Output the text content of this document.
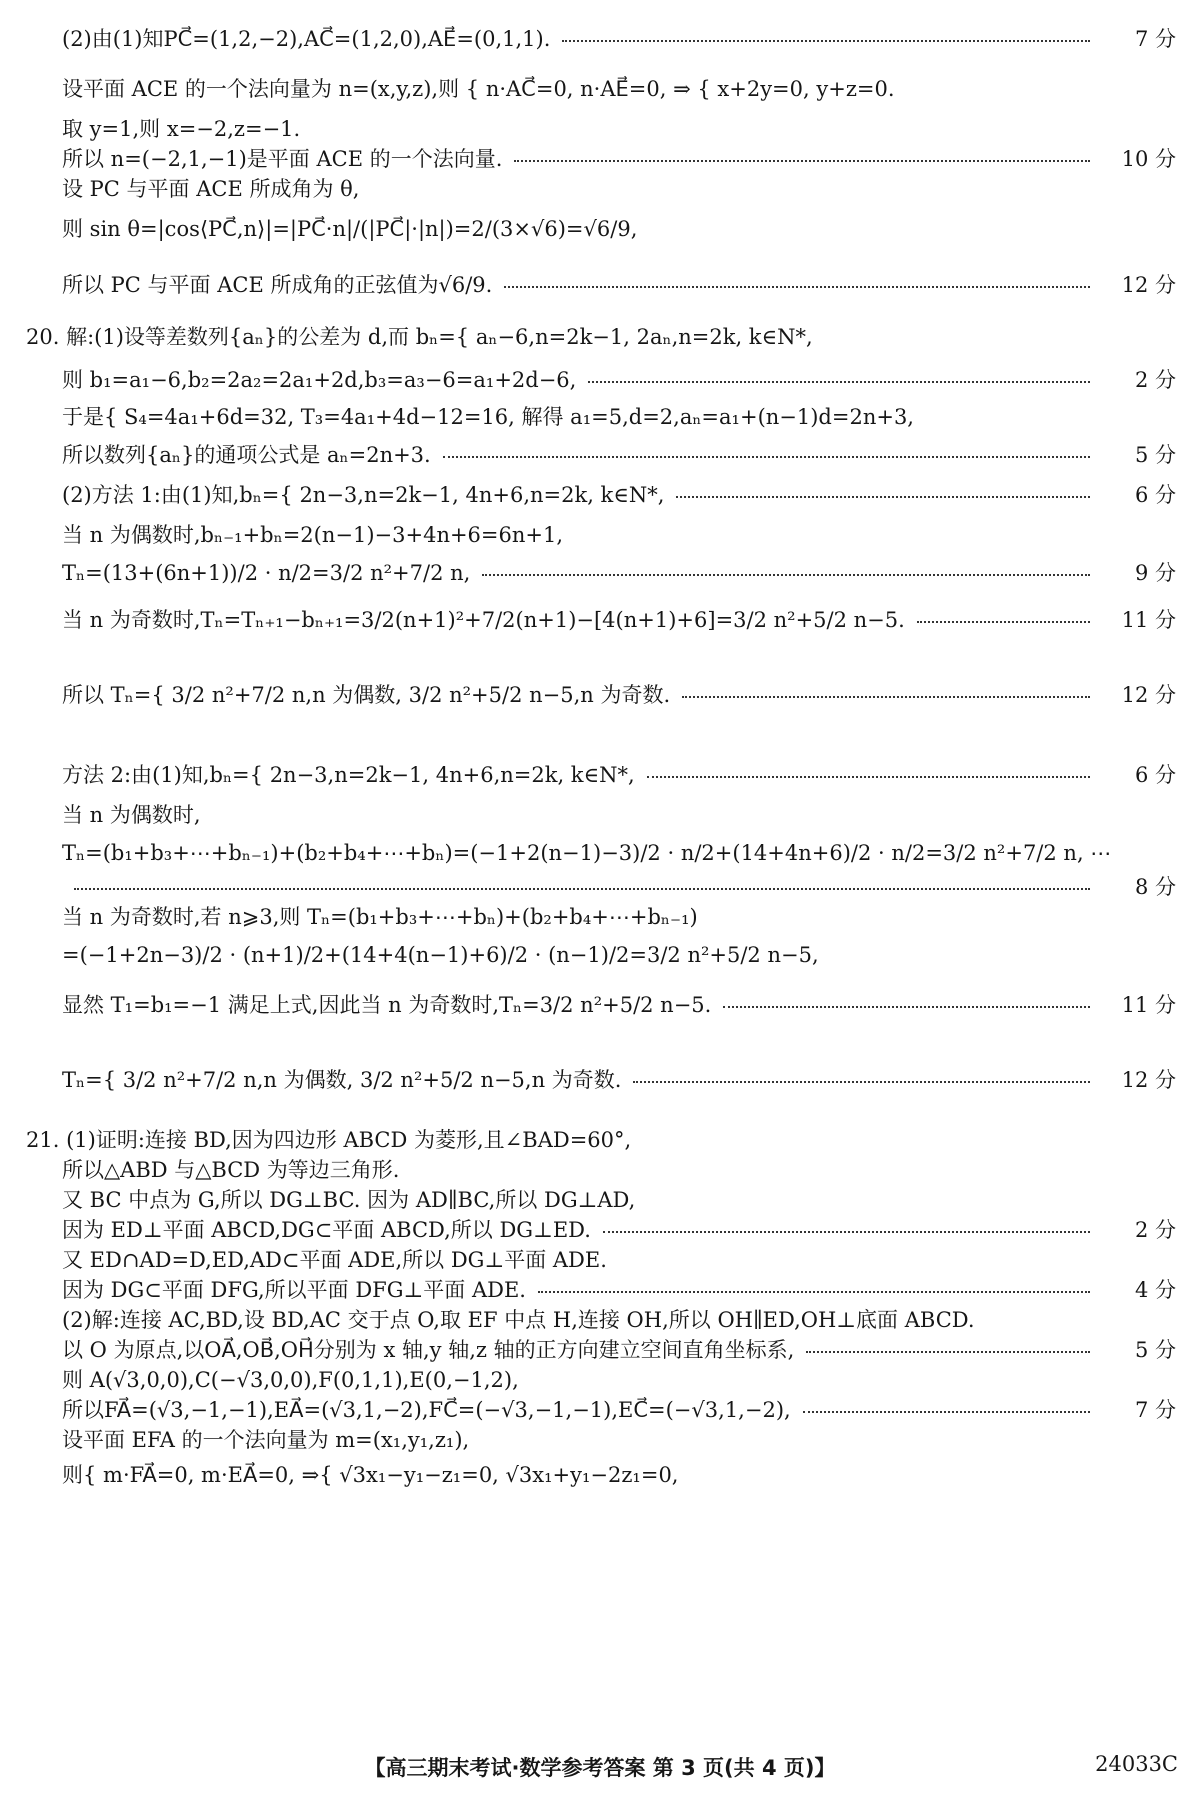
(2)由(1)知PC⃗=(1,2,−2),AC⃗=(1,2,0),AE⃗=(0,1,1).	7 分
设平面 ACE 的一个法向量为 n=(x,y,z),则 { n·AC⃗=0, n·AE⃗=0, ⇒ { x+2y=0, y+z=0.
取 y=1,则 x=−2,z=−1.
所以 n=(−2,1,−1)是平面 ACE 的一个法向量.	10 分
设 PC 与平面 ACE 所成角为 θ,
则 sin θ=|cos⟨PC⃗,n⟩|=|PC⃗·n|/(|PC⃗|·|n|)=2/(3×√6)=√6/9,
所以 PC 与平面 ACE 所成角的正弦值为√6/9.	12 分
20. 解:(1)设等差数列{aₙ}的公差为 d,而 bₙ={ aₙ−6,n=2k−1, 2aₙ,n=2k, k∈N*,
则 b₁=a₁−6,b₂=2a₂=2a₁+2d,b₃=a₃−6=a₁+2d−6,	2 分
于是{ S₄=4a₁+6d=32, T₃=4a₁+4d−12=16, 解得 a₁=5,d=2,aₙ=a₁+(n−1)d=2n+3,
所以数列{aₙ}的通项公式是 aₙ=2n+3.	5 分
(2)方法 1:由(1)知,bₙ={ 2n−3,n=2k−1, 4n+6,n=2k, k∈N*,	6 分
当 n 为偶数时,bₙ₋₁+bₙ=2(n−1)−3+4n+6=6n+1,
Tₙ=(13+(6n+1))/2 · n/2=3/2 n²+7/2 n,	9 分
当 n 为奇数时,Tₙ=Tₙ₊₁−bₙ₊₁=3/2(n+1)²+7/2(n+1)−[4(n+1)+6]=3/2 n²+5/2 n−5.	11 分
所以 Tₙ={ 3/2 n²+7/2 n,n 为偶数, 3/2 n²+5/2 n−5,n 为奇数.	12 分
方法 2:由(1)知,bₙ={ 2n−3,n=2k−1, 4n+6,n=2k, k∈N*,	6 分
当 n 为偶数时,
Tₙ=(b₁+b₃+⋯+bₙ₋₁)+(b₂+b₄+⋯+bₙ)=(−1+2(n−1)−3)/2 · n/2+(14+4n+6)/2 · n/2=3/2 n²+7/2 n, ⋯
8 分
当 n 为奇数时,若 n⩾3,则 Tₙ=(b₁+b₃+⋯+bₙ)+(b₂+b₄+⋯+bₙ₋₁)
=(−1+2n−3)/2 · (n+1)/2+(14+4(n−1)+6)/2 · (n−1)/2=3/2 n²+5/2 n−5,
显然 T₁=b₁=−1 满足上式,因此当 n 为奇数时,Tₙ=3/2 n²+5/2 n−5.	11 分
Tₙ={ 3/2 n²+7/2 n,n 为偶数, 3/2 n²+5/2 n−5,n 为奇数.	12 分
21. (1)证明:连接 BD,因为四边形 ABCD 为菱形,且∠BAD=60°,
所以△ABD 与△BCD 为等边三角形.
又 BC 中点为 G,所以 DG⊥BC. 因为 AD∥BC,所以 DG⊥AD,
因为 ED⊥平面 ABCD,DG⊂平面 ABCD,所以 DG⊥ED.	2 分
又 ED∩AD=D,ED,AD⊂平面 ADE,所以 DG⊥平面 ADE.
因为 DG⊂平面 DFG,所以平面 DFG⊥平面 ADE.	4 分
(2)解:连接 AC,BD,设 BD,AC 交于点 O,取 EF 中点 H,连接 OH,所以 OH∥ED,OH⊥底面 ABCD.
以 O 为原点,以OA⃗,OB⃗,OH⃗分别为 x 轴,y 轴,z 轴的正方向建立空间直角坐标系,	5 分
则 A(√3,0,0),C(−√3,0,0),F(0,1,1),E(0,−1,2),
所以FA⃗=(√3,−1,−1),EA⃗=(√3,1,−2),FC⃗=(−√3,−1,−1),EC⃗=(−√3,1,−2),	7 分
设平面 EFA 的一个法向量为 m=(x₁,y₁,z₁),
则{ m·FA⃗=0, m·EA⃗=0, ⇒{ √3x₁−y₁−z₁=0, √3x₁+y₁−2z₁=0,
【高三期末考试·数学参考答案 第 3 页(共 4 页)】	24033C
